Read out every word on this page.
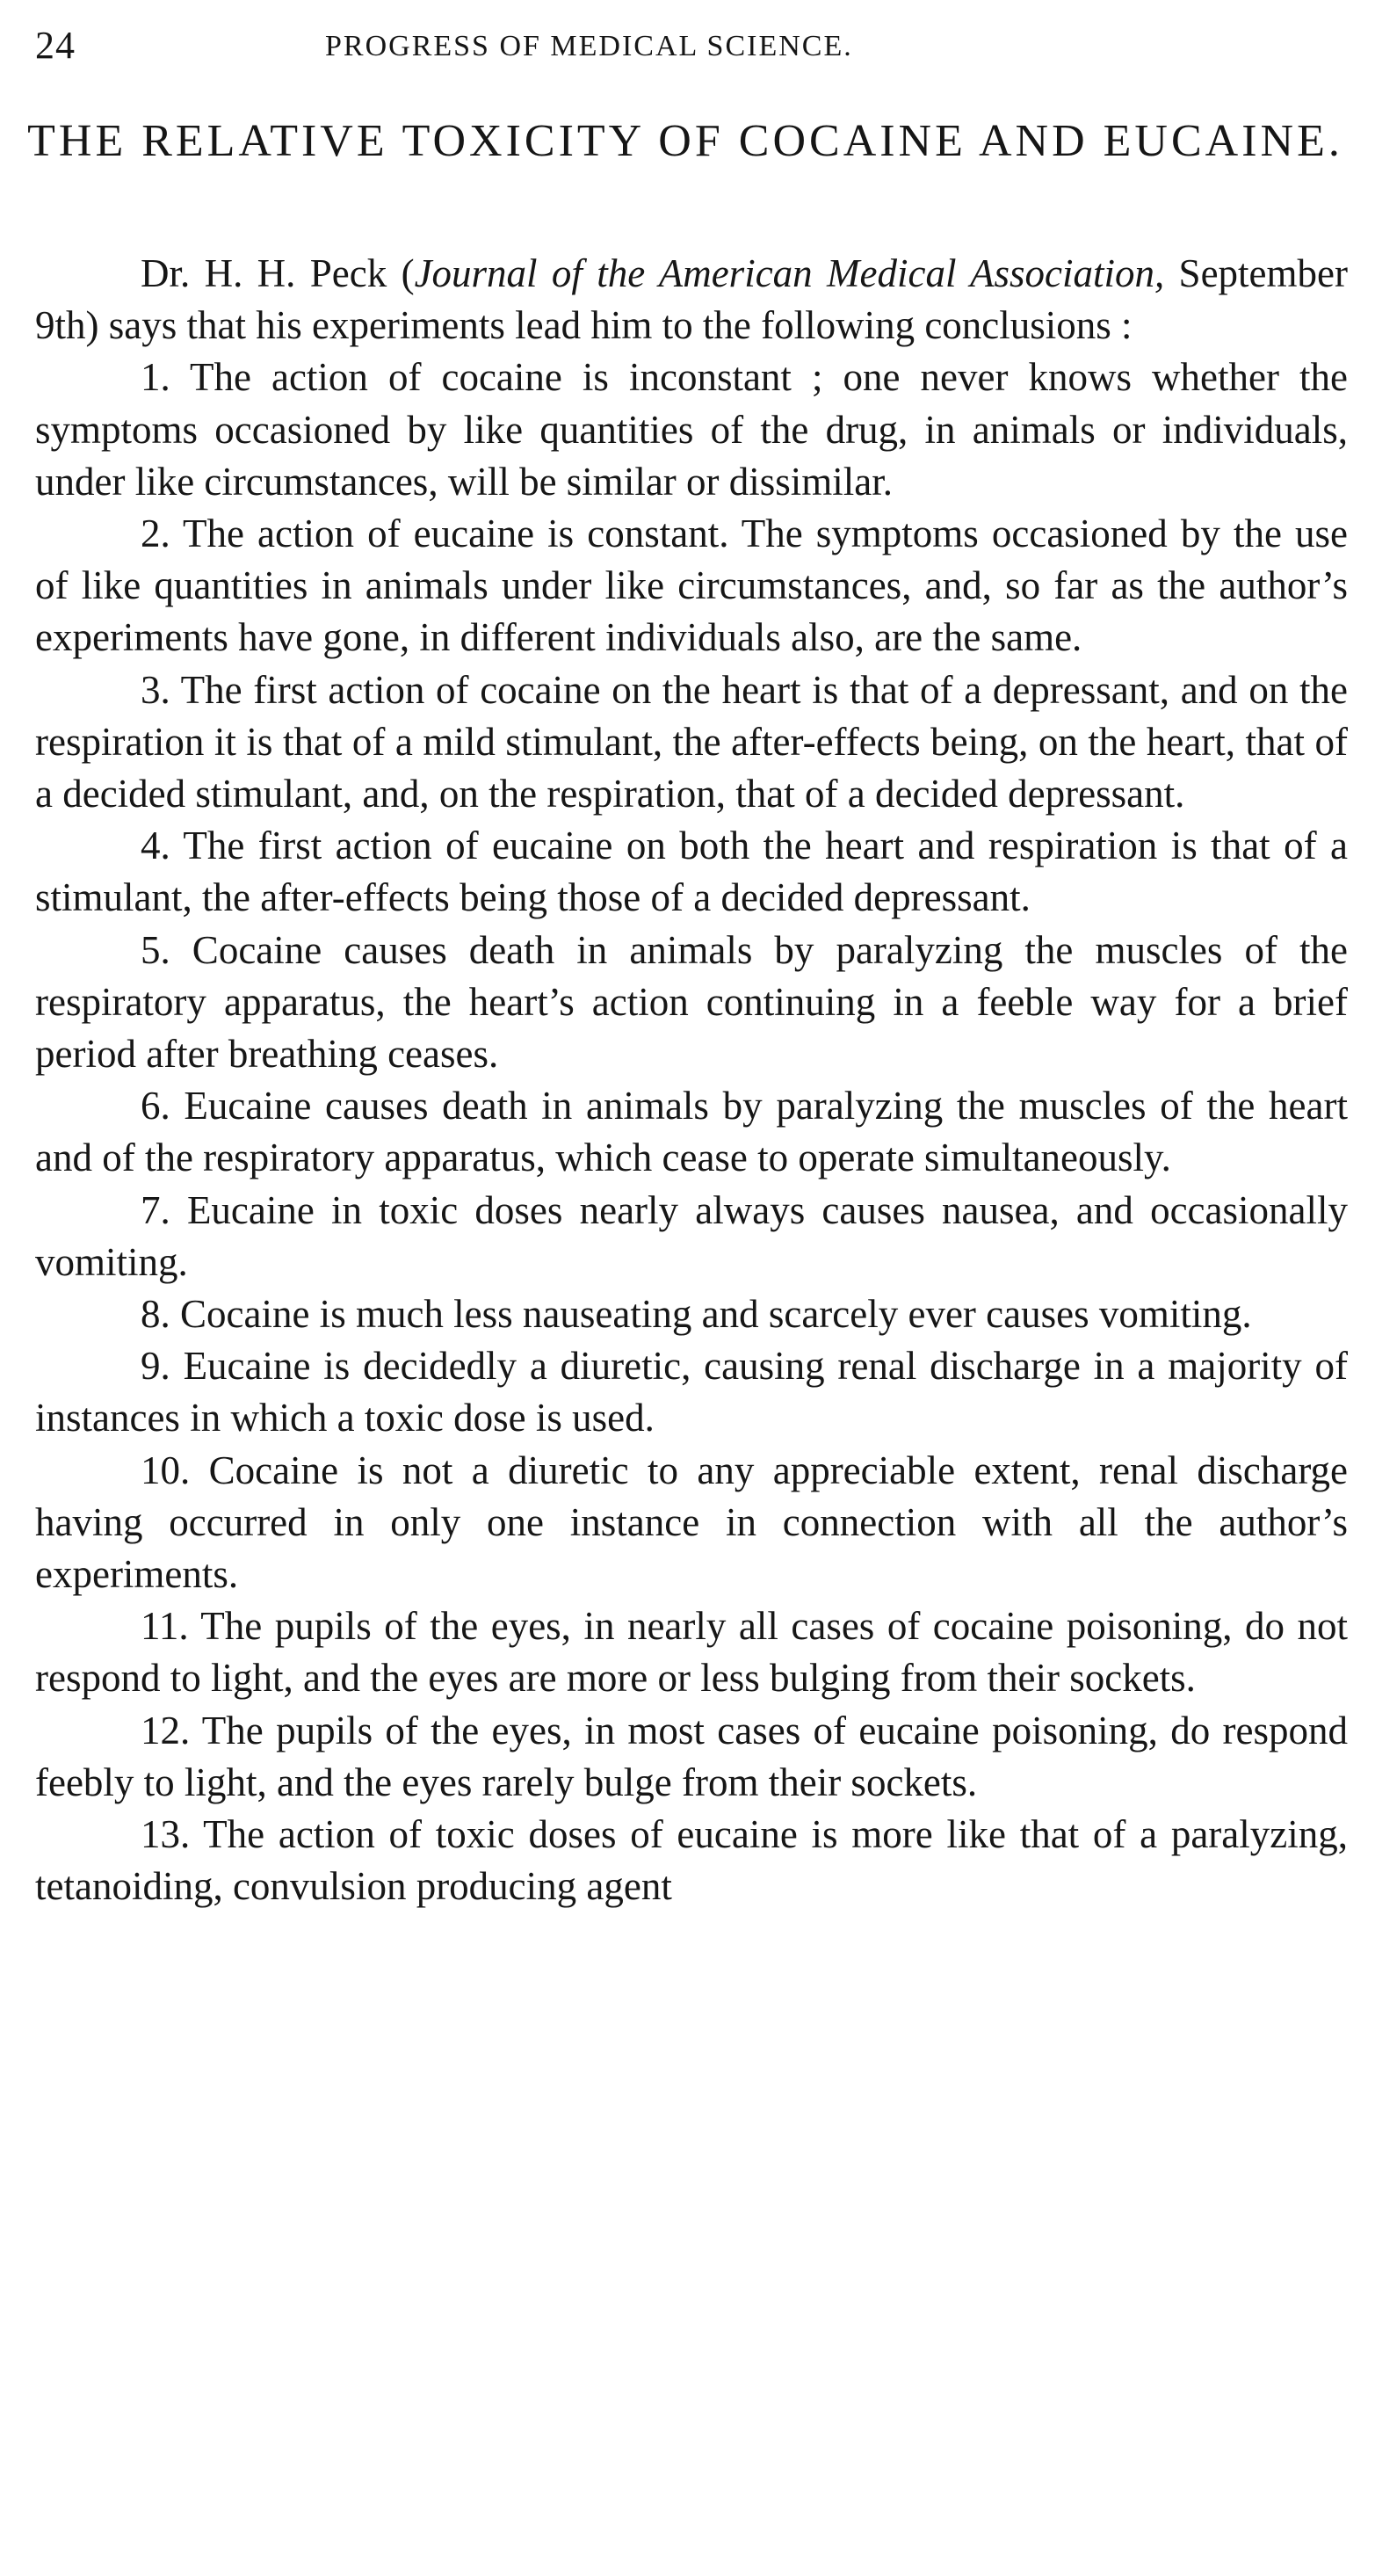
24	PROGRESS OF MEDICAL SCIENCE.
THE RELATIVE TOXICITY OF COCAINE AND EUCAINE.

Dr. H. H. Peck (Journal of the American Medical Association, September 9th) says that his experiments lead him to the following conclusions :

1. The action of cocaine is inconstant ; one never knows whether the symptoms occasioned by like quantities of the drug, in animals or individuals, under like circumstances, will be similar or dissimilar.

2. The action of eucaine is constant. The symptoms occasioned by the use of like quantities in animals under like circumstances, and, so far as the author’s experiments have gone, in different individuals also, are the same.

3. The first action of cocaine on the heart is that of a depressant, and on the respiration it is that of a mild stimulant, the after-effects being, on the heart, that of a decided stimulant, and, on the respiration, that of a decided depressant.

4. The first action of eucaine on both the heart and respiration is that of a stimulant, the after-effects being those of a decided depressant.

5. Cocaine causes death in animals by paralyzing the muscles of the respiratory apparatus, the heart’s action continuing in a feeble way for a brief period after breathing ceases.

6. Eucaine causes death in animals by paralyzing the muscles of the heart and of the respiratory apparatus, which cease to operate simultaneously.

7. Eucaine in toxic doses nearly always causes nausea, and occasionally vomiting.

8. Cocaine is much less nauseating and scarcely ever causes vomiting.

9. Eucaine is decidedly a diuretic, causing renal discharge in a majority of instances in which a toxic dose is used.

10. Cocaine is not a diuretic to any appreciable extent, renal discharge having occurred in only one instance in connection with all the author’s experiments.

11. The pupils of the eyes, in nearly all cases of cocaine poisoning, do not respond to light, and the eyes are more or less bulging from their sockets.

12. The pupils of the eyes, in most cases of eucaine poisoning, do respond feebly to light, and the eyes rarely bulge from their sockets.

13. The action of toxic doses of eucaine is more like that of a paralyzing, tetanoiding, convulsion producing agent
